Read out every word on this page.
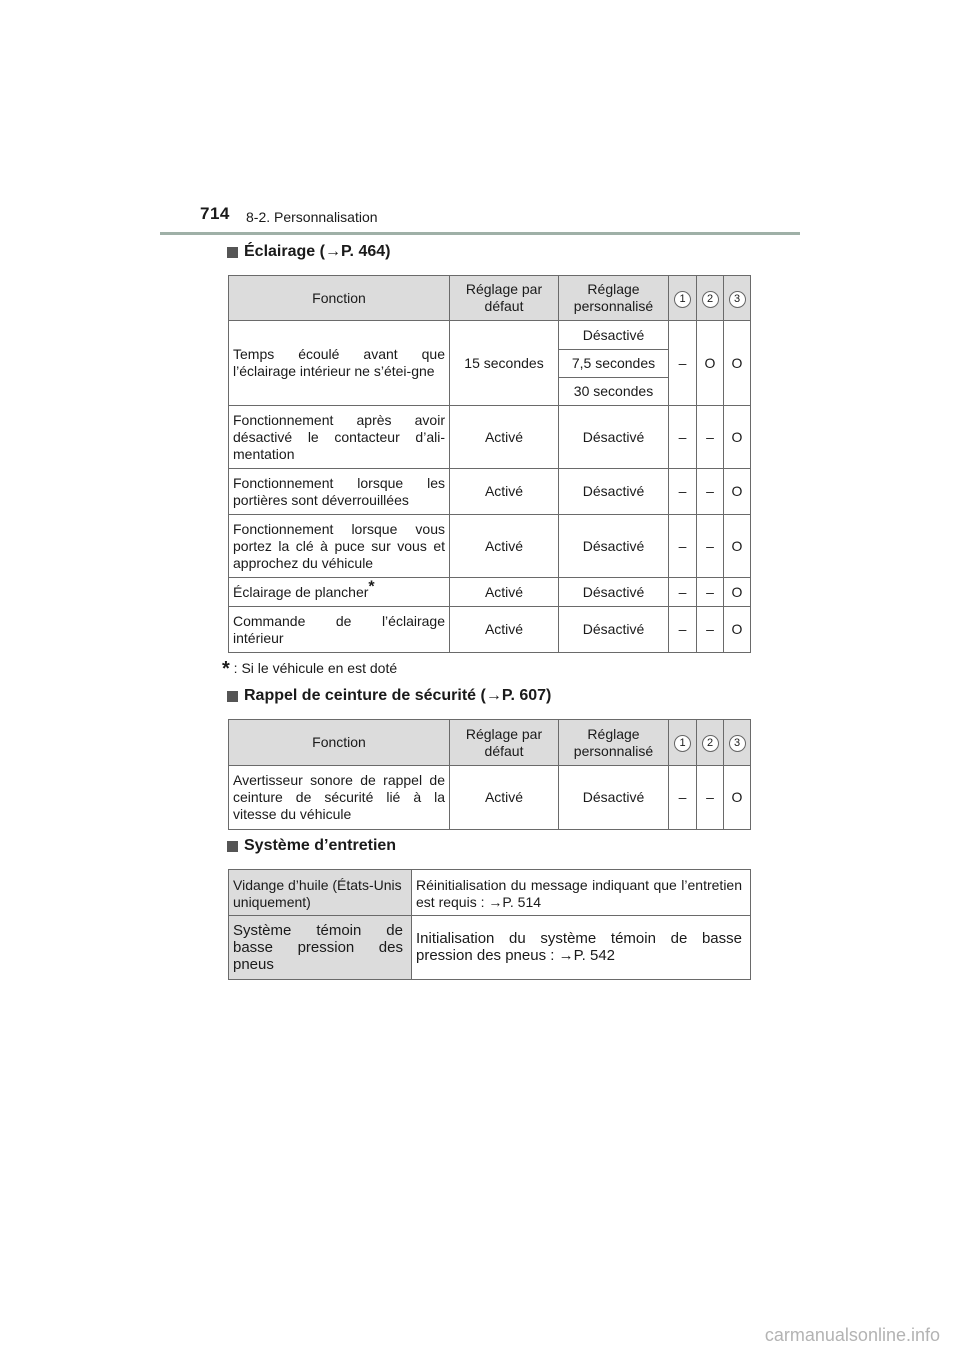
714 8-2. Personnalisation
Éclairage ( →P. 464)
Fonction	Réglage par défaut	Réglage personnalisé	1	2	3
Temps écoulé avant que l’éclairage intérieur ne s’étei-gne	15 secondes	Désactivé	–	O	O
		7,5 secondes			
		30 secondes			
Fonctionnement après avoir désactivé le contacteur d’ali-mentation	Activé	Désactivé	–	–	O
Fonctionnement lorsque les portières sont déverrouillées	Activé	Désactivé	–	–	O
Fonctionnement lorsque vous portez la clé à puce sur vous et approchez du véhicule	Activé	Désactivé	–	–	O
Éclairage de plancher*	Activé	Désactivé	–	–	O
Commande de l’éclairage intérieur	Activé	Désactivé	–	–	O
* : Si le véhicule en est doté
Rappel de ceinture de sécurité ( →P. 607)
Fonction	Réglage par défaut	Réglage personnalisé	1	2	3
Avertisseur sonore de rappel de ceinture de sécurité lié à la vitesse du véhicule	Activé	Désactivé	–	–	O
Système d’entretien
Vidange d’huile (États-Unis uniquement)	Réinitialisation du message indiquant que l’entretien est requis : →P. 514
Système témoin de basse pression des pneus	Initialisation du système témoin de basse pression des pneus : →P. 542
carmanualsonline.info
